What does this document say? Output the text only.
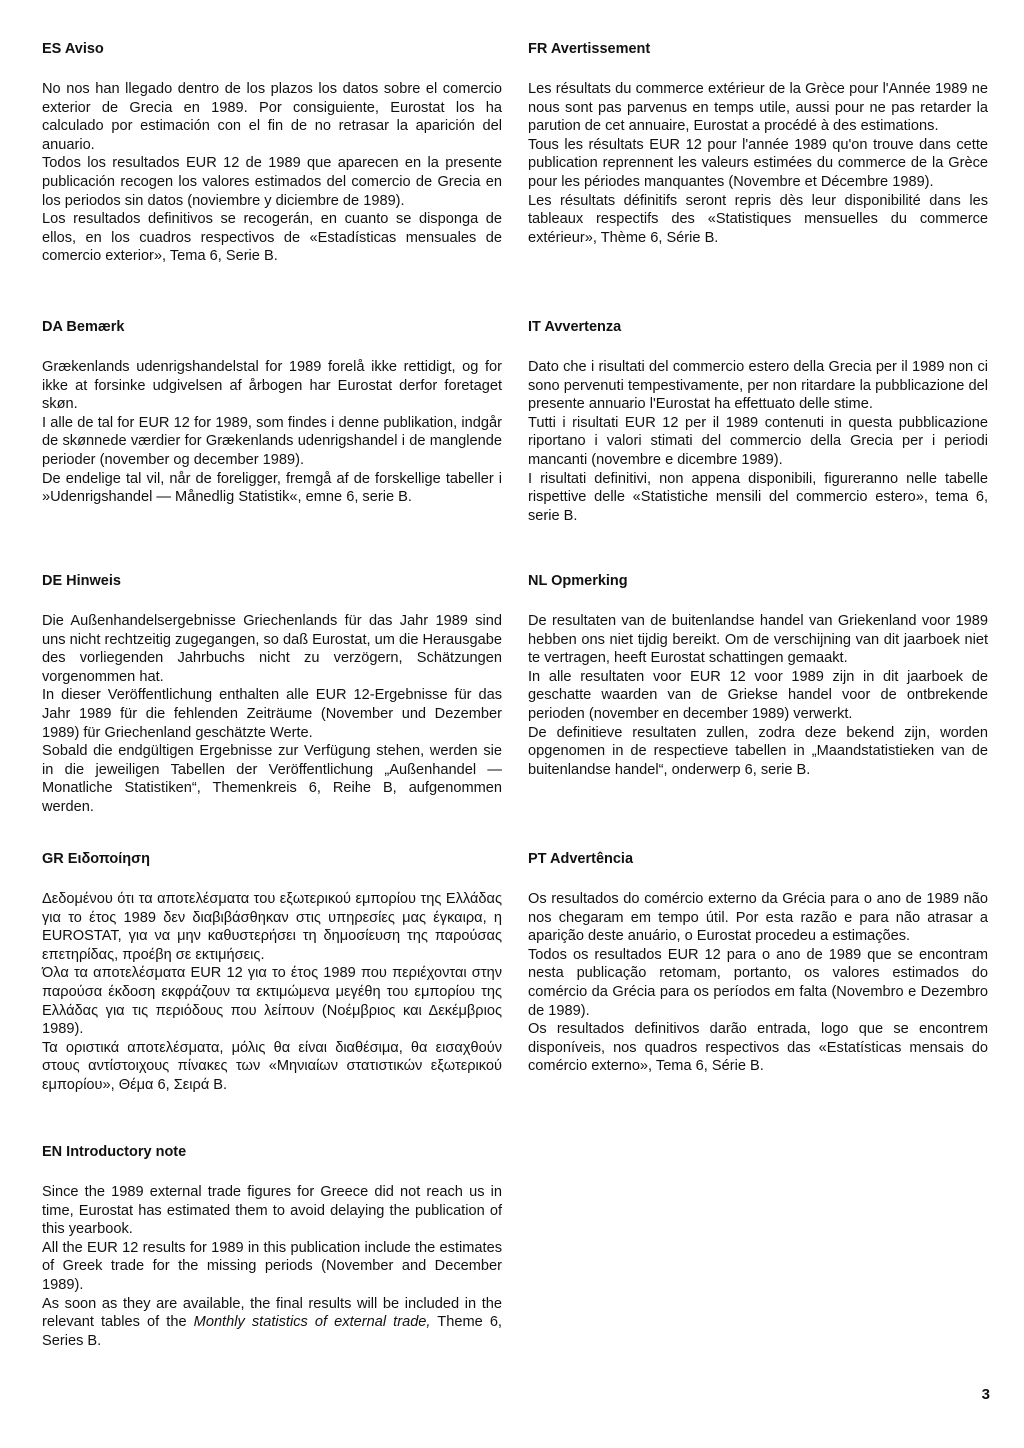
ES Aviso

No nos han llegado dentro de los plazos los datos sobre el comercio exterior de Grecia en 1989. Por consiguiente, Eurostat los ha calculado por estimación con el fin de no retrasar la aparición del anuario.

Todos los resultados EUR 12 de 1989 que aparecen en la presente publicación recogen los valores estimados del comercio de Grecia en los periodos sin datos (noviembre y diciembre de 1989).

Los resultados definitivos se recogerán, en cuanto se disponga de ellos, en los cuadros respectivos de «Estadísticas mensuales de comercio exterior», Tema 6, Serie B.

FR Avertissement

Les résultats du commerce extérieur de la Grèce pour l'Année 1989 ne nous sont pas parvenus en temps utile, aussi pour ne pas retarder la parution de cet annuaire, Eurostat a procédé à des estimations.

Tous les résultats EUR 12 pour l'année 1989 qu'on trouve dans cette publication reprennent les valeurs estimées du commerce de la Grèce pour les périodes manquantes (Novembre et Décembre 1989).

Les résultats définitifs seront repris dès leur disponibilité dans les tableaux respectifs des «Statistiques mensuelles du commerce extérieur», Thème 6, Série B.

DA Bemærk

Grækenlands udenrigshandelstal for 1989 forelå ikke rettidigt, og for ikke at forsinke udgivelsen af årbogen har Eurostat derfor foretaget skøn.

I alle de tal for EUR 12 for 1989, som findes i denne publikation, indgår de skønnede værdier for Grækenlands udenrigshandel i de manglende perioder (november og december 1989).

De endelige tal vil, når de foreligger, fremgå af de forskellige tabeller i »Udenrigshandel — Månedlig Statistik«, emne 6, serie B.

IT Avvertenza

Dato che i risultati del commercio estero della Grecia per il 1989 non ci sono pervenuti tempestivamente, per non ritardare la pubblicazione del presente annuario l'Eurostat ha effettuato delle stime.

Tutti i risultati EUR 12 per il 1989 contenuti in questa pubblicazione riportano i valori stimati del commercio della Grecia per i periodi mancanti (novembre e dicembre 1989).

I risultati definitivi, non appena disponibili, figureranno nelle tabelle rispettive delle «Statistiche mensili del commercio estero», tema 6, serie B.

DE Hinweis

Die Außenhandelsergebnisse Griechenlands für das Jahr 1989 sind uns nicht rechtzeitig zugegangen, so daß Eurostat, um die Herausgabe des vorliegenden Jahrbuchs nicht zu verzögern, Schätzungen vorgenommen hat.

In dieser Veröffentlichung enthalten alle EUR 12-Ergebnisse für das Jahr 1989 für die fehlenden Zeiträume (November und Dezember 1989) für Griechenland geschätzte Werte.

Sobald die endgültigen Ergebnisse zur Verfügung stehen, werden sie in die jeweiligen Tabellen der Veröffentlichung „Außenhandel — Monatliche Statistiken“, Themenkreis 6, Reihe B, aufgenommen werden.

NL Opmerking

De resultaten van de buitenlandse handel van Griekenland voor 1989 hebben ons niet tijdig bereikt. Om de verschijning van dit jaarboek niet te vertragen, heeft Eurostat schattingen gemaakt.

In alle resultaten voor EUR 12 voor 1989 zijn in dit jaarboek de geschatte waarden van de Griekse handel voor de ontbrekende perioden (november en december 1989) verwerkt.

De definitieve resultaten zullen, zodra deze bekend zijn, worden opgenomen in de respectieve tabellen in „Maandstatistieken van de buitenlandse handel“, onderwerp 6, serie B.

GR Ειδοποίηση

Δεδομένου ότι τα αποτελέσματα του εξωτερικού εμπορίου της Ελλάδας για το έτος 1989 δεν διαβιβάσθηκαν στις υπηρεσίες μας έγκαιρα, η EUROSTAT, για να μην καθυστερήσει τη δημοσίευση της παρούσας επετηρίδας, προέβη σε εκτιμήσεις.

Όλα τα αποτελέσματα EUR 12 για το έτος 1989 που περιέχονται στην παρούσα έκδοση εκφράζουν τα εκτιμώμενα μεγέθη του εμπορίου της Ελλάδας για τις περιόδους που λείπουν (Νοέμβριος και Δεκέμβριος 1989).

Τα οριστικά αποτελέσματα, μόλις θα είναι διαθέσιμα, θα εισαχθούν στους αντίστοιχους πίνακες των «Μηνιαίων στατιστικών εξωτερικού εμπορίου», Θέμα 6, Σειρά B.

PT Advertência

Os resultados do comércio externo da Grécia para o ano de 1989 não nos chegaram em tempo útil. Por esta razão e para não atrasar a aparição deste anuário, o Eurostat procedeu a estimações.

Todos os resultados EUR 12 para o ano de 1989 que se encontram nesta publicação retomam, portanto, os valores estimados do comércio da Grécia para os períodos em falta (Novembro e Dezembro de 1989).

Os resultados definitivos darão entrada, logo que se encontrem disponíveis, nos quadros respectivos das «Estatísticas mensais do comércio externo», Tema 6, Série B.

EN Introductory note

Since the 1989 external trade figures for Greece did not reach us in time, Eurostat has estimated them to avoid delaying the publication of this yearbook.

All the EUR 12 results for 1989 in this publication include the estimates of Greek trade for the missing periods (November and December 1989).

As soon as they are available, the final results will be included in the relevant tables of the Monthly statistics of external trade, Theme 6, Series B.

3
